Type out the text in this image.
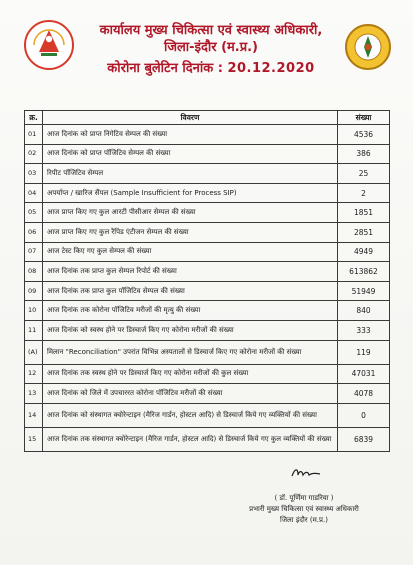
कार्यालय मुख्य चिकित्सा एवं स्वास्थ्य अधिकारी,
जिला-इंदौर (म.प्र.)
कोरोना बुलेटिन दिनांक : 20.12.2020
क्र.	विवरण	संख्या
01	आज दिनांक को प्राप्त निगेटिव सेम्पल की संख्या	4536
02	आज दिनांक को प्राप्त पॉजिटिव सेम्पल की संख्या	386
03	रिपीट पॉजिटिव सेम्पल	25
04	अपर्याप्त / खारिज सैंपल (Sample Insufficient for Process SIP)	2
05	आज प्राप्त किए गए कुल आरटी पीसीआर सेम्पल की संख्या	1851
06	आज प्राप्त किए गए कुल रैपिड एंटीजन सेम्पल की संख्या	2851
07	आज टेस्ट किए गए कुल सेम्पल की संख्या	4949
08	आज दिनांक तक प्राप्त कुल सेम्पल रिपोर्ट की संख्या	613862
09	आज दिनांक तक प्राप्त कुल पॉजिटिव सेम्पल की संख्या	51949
10	आज दिनांक तक कोरोना पॉजिटिव मरीजों की मृत्यु की संख्या	840
11	आज दिनांक को स्वस्थ होने पर डिस्चार्ज किए गए कोरोना मरीजों की संख्या	333
(A)	मिलान "Reconciliation" उपरांत विभिन्न अस्पतालों से डिस्चार्ज किए गए कोरोना मरीजों की संख्या	119
12	आज दिनांक तक स्वस्थ होने पर डिस्चार्ज किए गए कोरोना मरीजों की कुल संख्या	47031
13	आज दिनांक को जिले में उपचाररत कोरोना पॉजिटिव मरीजों की संख्या	4078
14	आज दिनांक को संस्थागत क्वोरेन्टाइन (मैरिज गार्डन, होस्टल आदि) से डिस्चार्ज किये गए व्यक्तियों की संख्या	0
15	आज दिनांक तक संस्थागत क्वोरेन्टाइन (मैरिज गार्डन, होस्टल आदि) से डिस्चार्ज किये गए कुल व्यक्तियों की संख्या	6839
( डॉ. पूर्णिमा गाडरिया )
प्रभारी मुख्य चिकित्सा एवं स्वास्थ्य अधिकारी
जिला इंदौर (म.प्र.)
